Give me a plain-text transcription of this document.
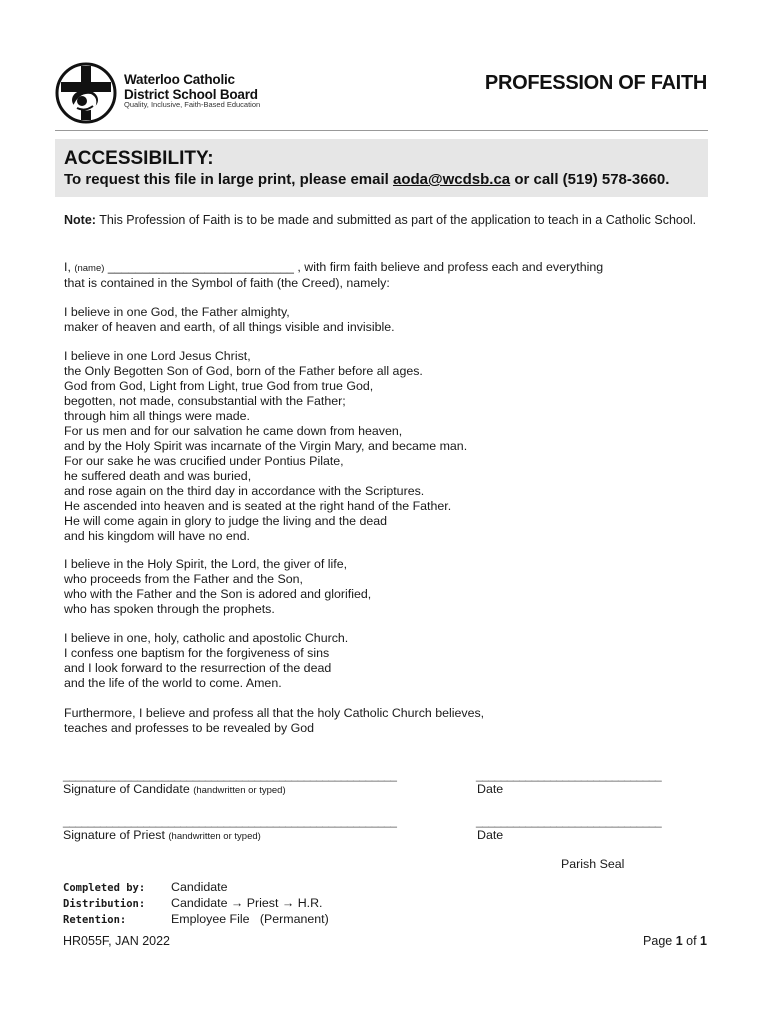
Waterloo Catholic
District School Board
Quality, Inclusive, Faith-Based Education
PROFESSION OF FAITH
ACCESSIBILITY:
To request this file in large print, please email aoda@wcdsb.ca or call (519) 578-3660.
Note: This Profession of Faith is to be made and submitted as part of the application to teach in a Catholic School.
I, (name) ___________________________ , with firm faith believe and profess each and everything
that is contained in the Symbol of faith (the Creed), namely:
I believe in one God, the Father almighty,
maker of heaven and earth, of all things visible and invisible.
I believe in one Lord Jesus Christ,
the Only Begotten Son of God, born of the Father before all ages.
God from God, Light from Light, true God from true God,
begotten, not made, consubstantial with the Father;
through him all things were made.
For us men and for our salvation he came down from heaven,
and by the Holy Spirit was incarnate of the Virgin Mary, and became man.
For our sake he was crucified under Pontius Pilate,
he suffered death and was buried,
and rose again on the third day in accordance with the Scriptures.
He ascended into heaven and is seated at the right hand of the Father.
He will come again in glory to judge the living and the dead
and his kingdom will have no end.
I believe in the Holy Spirit, the Lord, the giver of life,
who proceeds from the Father and the Son,
who with the Father and the Son is adored and glorified,
who has spoken through the prophets.
I believe in one, holy, catholic and apostolic Church.
I confess one baptism for the forgiveness of sins
and I look forward to the resurrection of the dead
and the life of the world to come. Amen.
Furthermore, I believe and profess all that the holy Catholic Church believes,
teaches and professes to be revealed by God
______________________________________________________	______________________________
Signature of Candidate (handwritten or typed)	Date
______________________________________________________	______________________________
Signature of Priest (handwritten or typed)	Date
Parish Seal
Completed by: Candidate
Distribution: Candidate → Priest → H.R.
Retention:	Employee File   (Permanent)
HR055F, JAN 2022	Page 1 of 1
